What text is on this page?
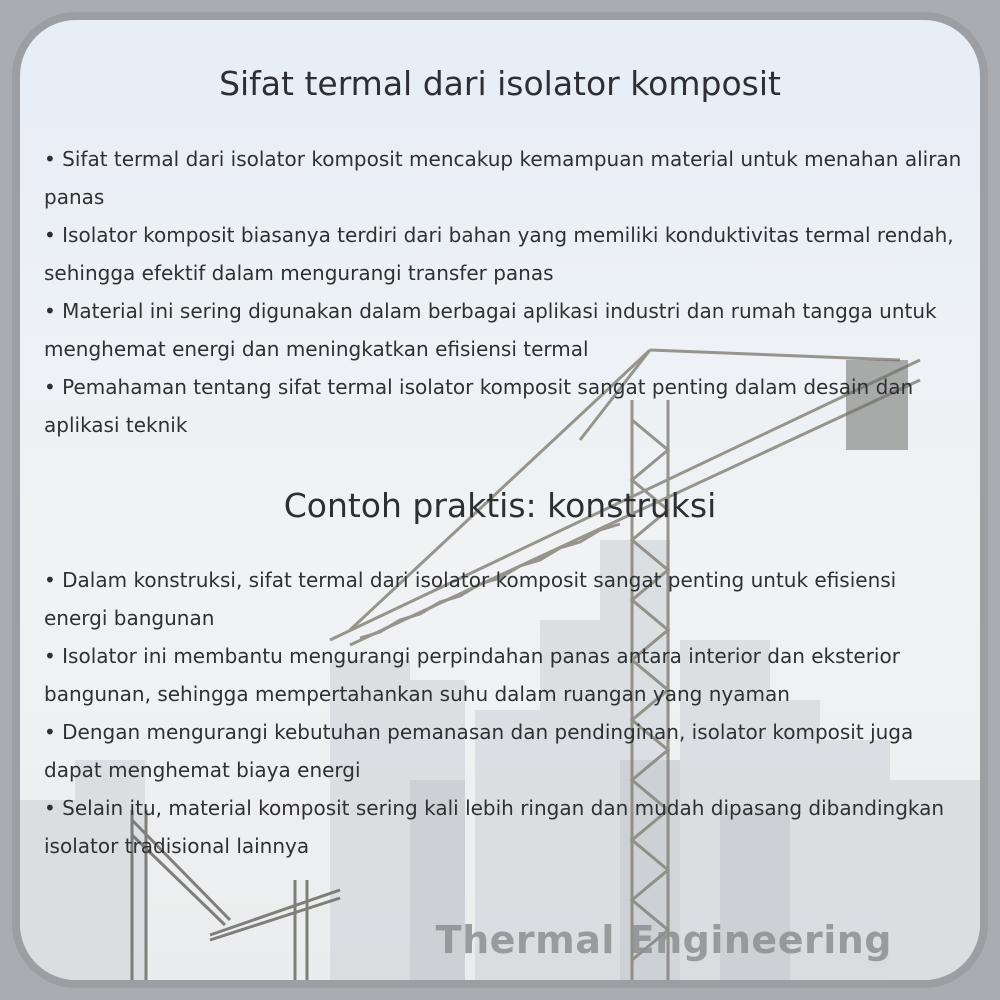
Sifat termal dari isolator komposit
• Sifat termal dari isolator komposit mencakup kemampuan material untuk menahan aliran panas
• Isolator komposit biasanya terdiri dari bahan yang memiliki konduktivitas termal rendah, sehingga efektif dalam mengurangi transfer panas
• Material ini sering digunakan dalam berbagai aplikasi industri dan rumah tangga untuk menghemat energi dan meningkatkan efisiensi termal
• Pemahaman tentang sifat termal isolator komposit sangat penting dalam desain dan aplikasi teknik
Contoh praktis: konstruksi
• Dalam konstruksi, sifat termal dari isolator komposit sangat penting untuk efisiensi energi bangunan
• Isolator ini membantu mengurangi perpindahan panas antara interior dan eksterior bangunan, sehingga mempertahankan suhu dalam ruangan yang nyaman
• Dengan mengurangi kebutuhan pemanasan dan pendinginan, isolator komposit juga dapat menghemat biaya energi
• Selain itu, material komposit sering kali lebih ringan dan mudah dipasang dibandingkan isolator tradisional lainnya
Thermal Engineering
